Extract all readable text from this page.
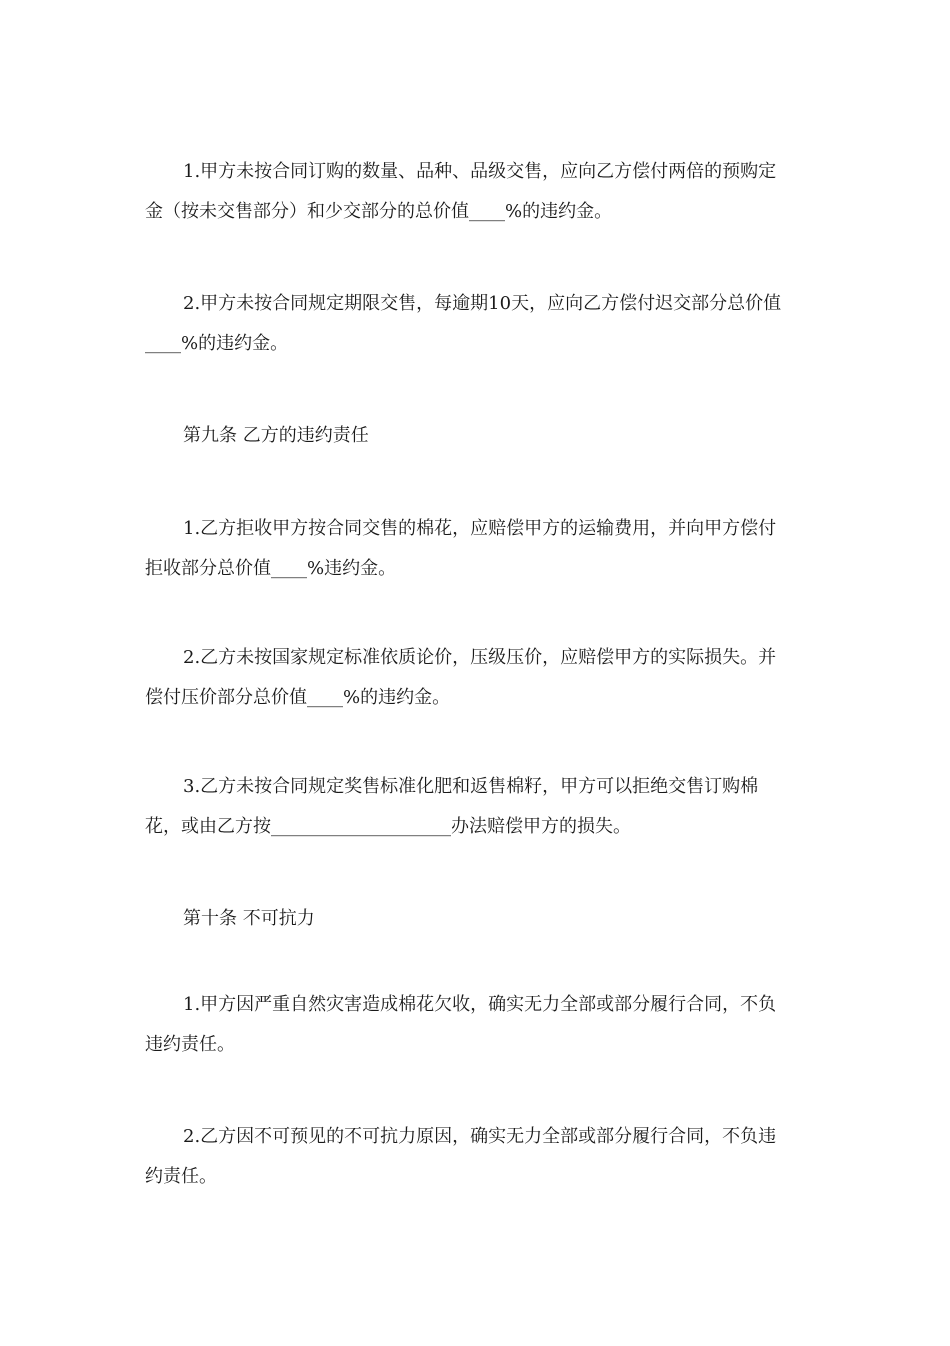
1.甲方未按合同订购的数量、品种、品级交售，应向乙方偿付两倍的预购定
金（按未交售部分）和少交部分的总价值____%的违约金。
2.甲方未按合同规定期限交售，每逾期10天，应向乙方偿付迟交部分总价值
____%的违约金。
第九条 乙方的违约责任
1.乙方拒收甲方按合同交售的棉花，应赔偿甲方的运输费用，并向甲方偿付
拒收部分总价值____%违约金。
2.乙方未按国家规定标准依质论价，压级压价，应赔偿甲方的实际损失。并
偿付压价部分总价值____%的违约金。
3.乙方未按合同规定奖售标准化肥和返售棉籽，甲方可以拒绝交售订购棉
花，或由乙方按____________________办法赔偿甲方的损失。
第十条 不可抗力
1.甲方因严重自然灾害造成棉花欠收，确实无力全部或部分履行合同，不负
违约责任。
2.乙方因不可预见的不可抗力原因，确实无力全部或部分履行合同，不负违
约责任。
